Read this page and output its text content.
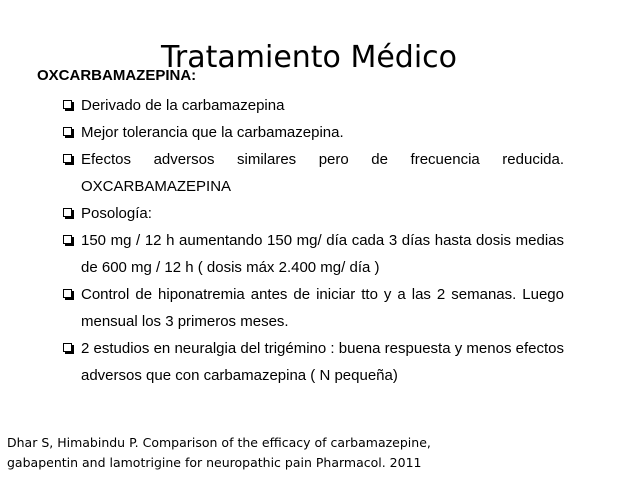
Tratamiento Médico
OXCARBAMAZEPINA:
Derivado de la carbamazepina
Mejor tolerancia que la carbamazepina.
Efectos adversos similares pero de frecuencia reducida. OXCARBAMAZEPINA
Posología:
150 mg / 12 h aumentando 150 mg/ día cada 3 días hasta dosis medias de 600 mg / 12 h ( dosis máx 2.400 mg/ día )
Control de hiponatremia antes de iniciar tto y a las 2 semanas. Luego mensual los 3 primeros meses.
2 estudios en neuralgia del trigémino : buena respuesta y menos efectos adversos que con carbamazepina ( N pequeña)
Dhar S, Himabindu P. Comparison of the efficacy of carbamazepine,
gabapentin and lamotrigine for neuropathic pain Pharmacol. 2011
